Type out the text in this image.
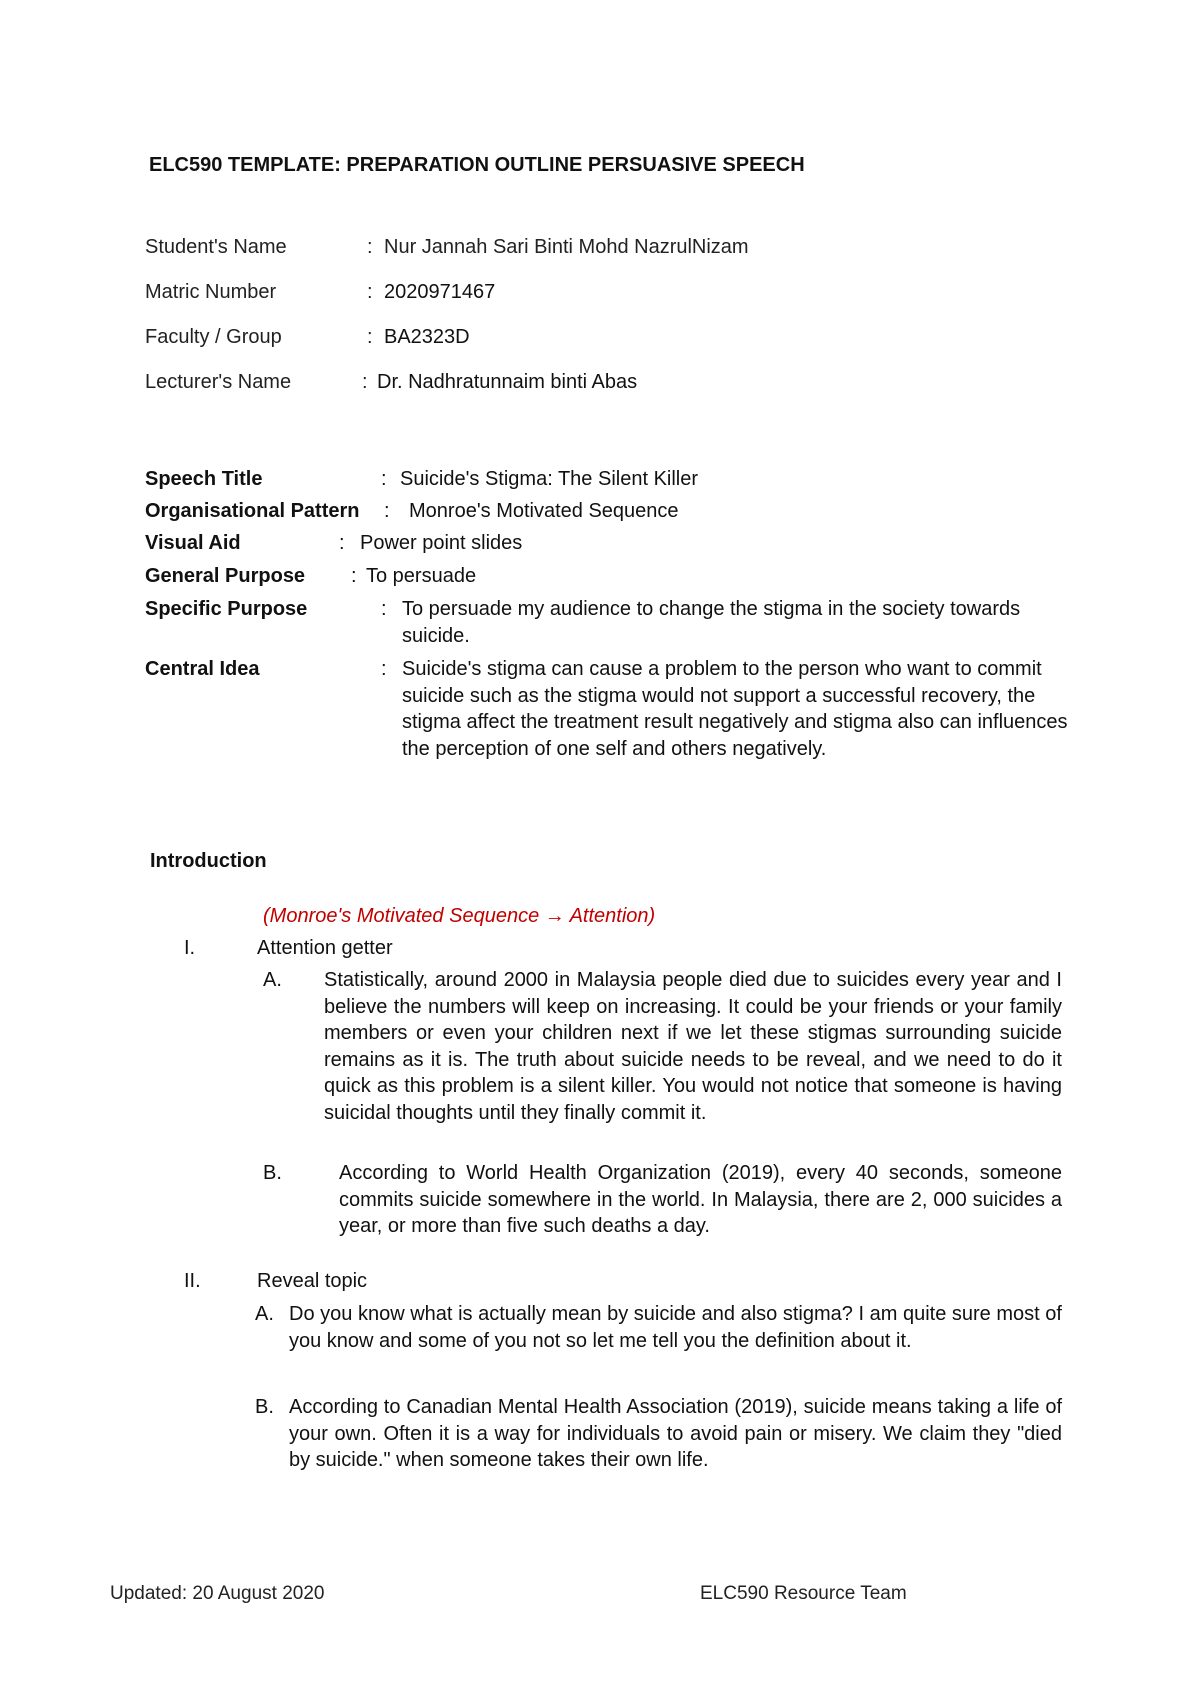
ELC590 TEMPLATE: PREPARATION OUTLINE PERSUASIVE SPEECH
Student's Name	: Nur Jannah Sari Binti Mohd NazrulNizam
Matric Number	: 2020971467
Faculty / Group	: BA2323D
Lecturer's Name	: Dr. Nadhratunnaim binti Abas
Speech Title	: Suicide's Stigma: The Silent Killer
Organisational Pattern : Monroe's Motivated Sequence
Visual Aid	: Power point slides
General Purpose : To persuade
Specific Purpose	: To persuade my audience to change the stigma in the society towards suicide.
Central Idea	: Suicide's stigma can cause a problem to the person who want to commit suicide such as the stigma would not support a successful recovery, the stigma affect the treatment result negatively and stigma also can influences the perception of one self and others negatively.
Introduction
(Monroe's Motivated Sequence → Attention)
I.	Attention getter
A. Statistically, around 2000 in Malaysia people died due to suicides every year and I believe the numbers will keep on increasing. It could be your friends or your family members or even your children next if we let these stigmas surrounding suicide remains as it is. The truth about suicide needs to be reveal, and we need to do it quick as this problem is a silent killer. You would not notice that someone is having suicidal thoughts until they finally commit it.
B.	According to World Health Organization (2019), every 40 seconds, someone commits suicide somewhere in the world. In Malaysia, there are 2, 000 suicides a year, or more than five such deaths a day.
II.	Reveal topic
A. Do you know what is actually mean by suicide and also stigma? I am quite sure most of you know and some of you not so let me tell you the definition about it.
B. According to Canadian Mental Health Association (2019), suicide means taking a life of your own. Often it is a way for individuals to avoid pain or misery. We claim they "died by suicide." when someone takes their own life.
Updated: 20 August 2020	ELC590 Resource Team
